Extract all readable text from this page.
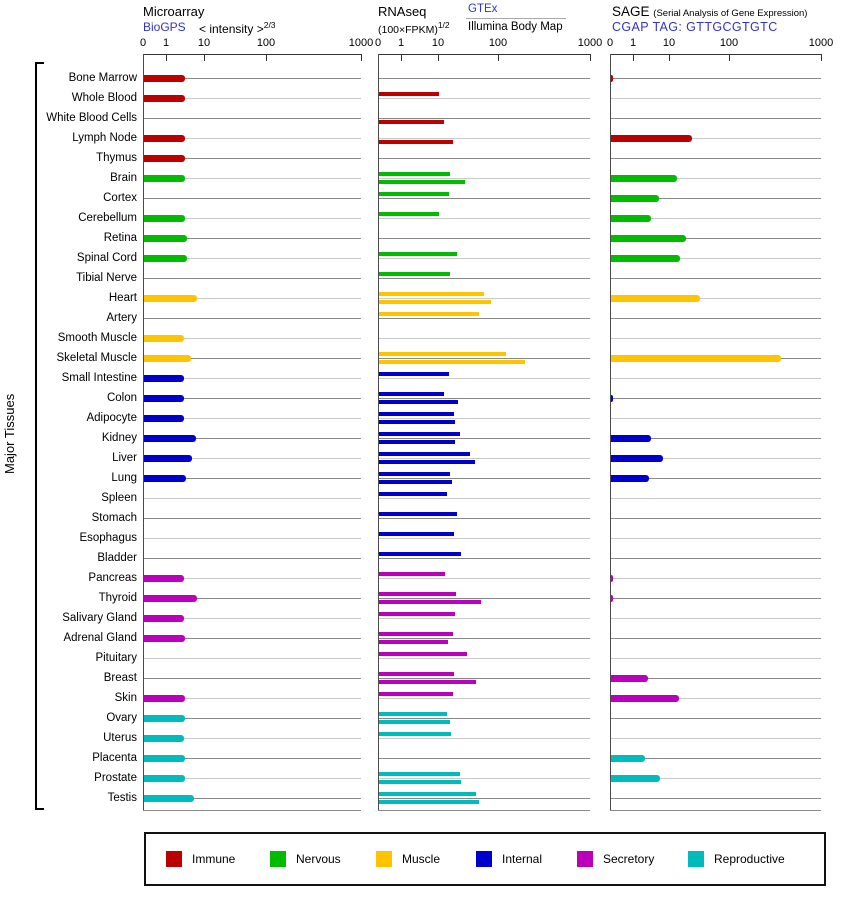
Major Tissues
Microarray
BioGPS < intensity >$^{2/3}$
RNAseq
(100×FPKM)$^{1/2}$
GTEx
Illumina Body Map
SAGE (Serial Analysis of Gene Expression)
CGAP TAG: GTTGCGTGTC
0	1	10	100	1000 0	1	10	100	1000 0	1	10	100	1000
Bone Marrow
Whole Blood
White Blood Cells
Lymph Node
Thymus
Brain
Cortex
Cerebellum
Retina
Spinal Cord
Tibial Nerve
Heart
Artery
Smooth Muscle
Skeletal Muscle
Small Intestine
Colon
Adipocyte
Kidney
Liver
Lung
Spleen
Stomach
Esophagus
Bladder
Pancreas
Thyroid
Salivary Gland
Adrenal Gland
Pituitary
Breast
Skin
Ovary
Uterus
Placenta
Prostate
Testis
Immune	Nervous	Muscle	Internal	Secretory	Reproductive
